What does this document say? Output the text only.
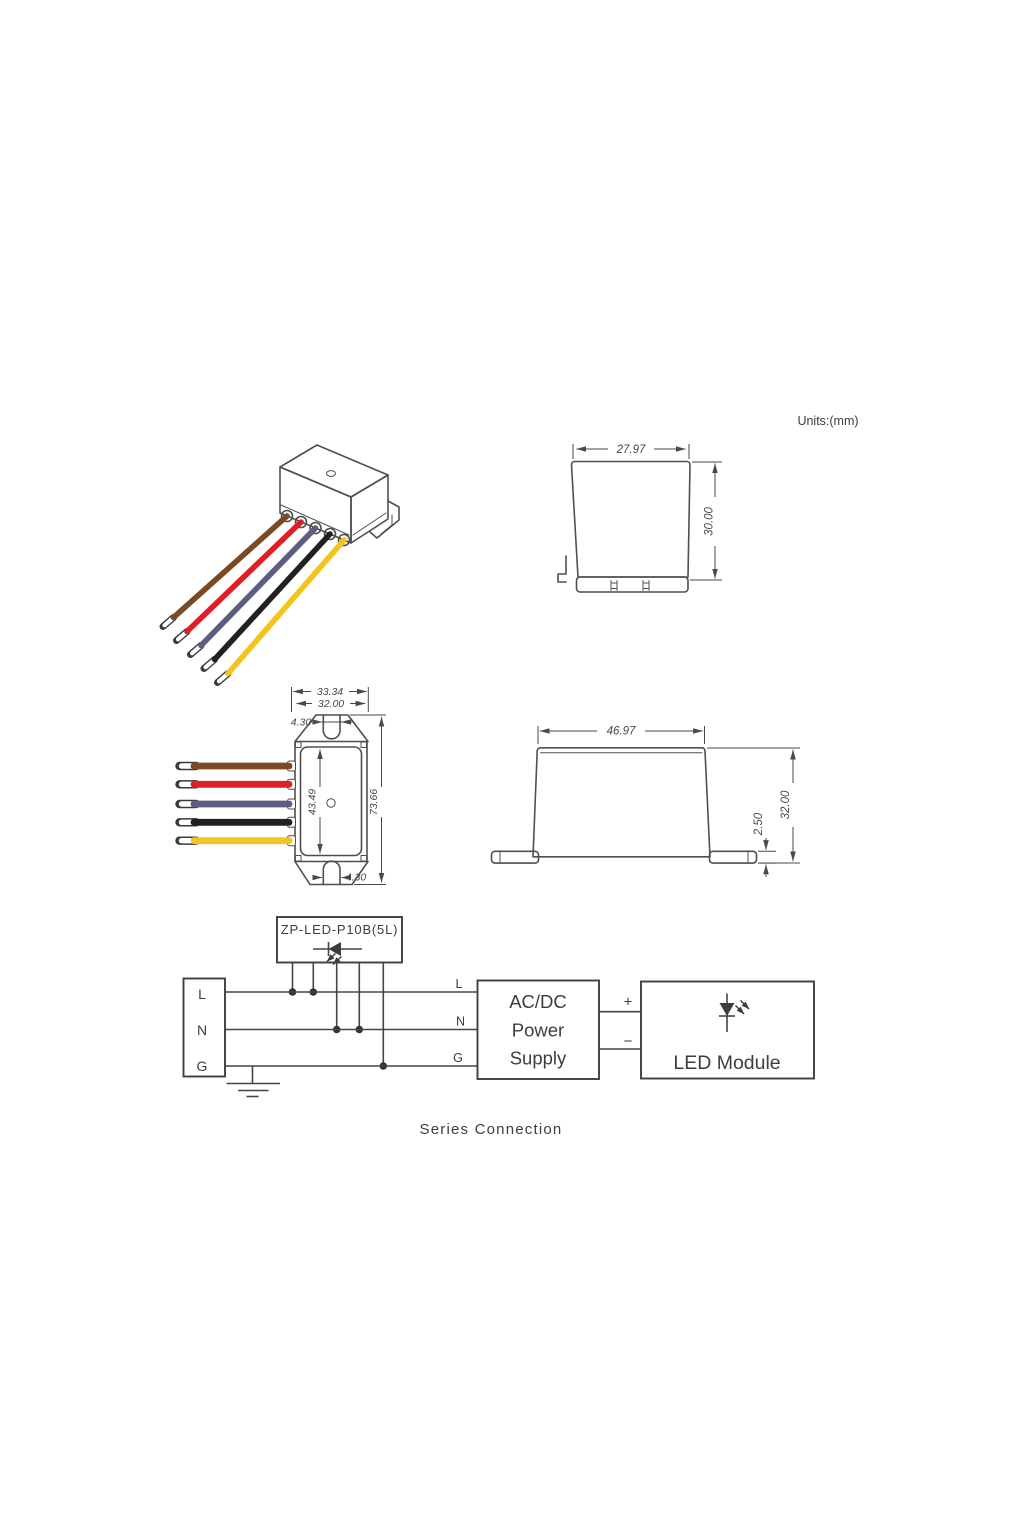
Units:(mm)
27.97
30.00
33.34
32.00
4.30
43.49	73.66
4.30
46.97
32.00
2.50
ZP-LED-P10B(5L)
L
N
G
L
N
G
AC/DC
Power
Supply
+
−
LED Module
Series Connection
